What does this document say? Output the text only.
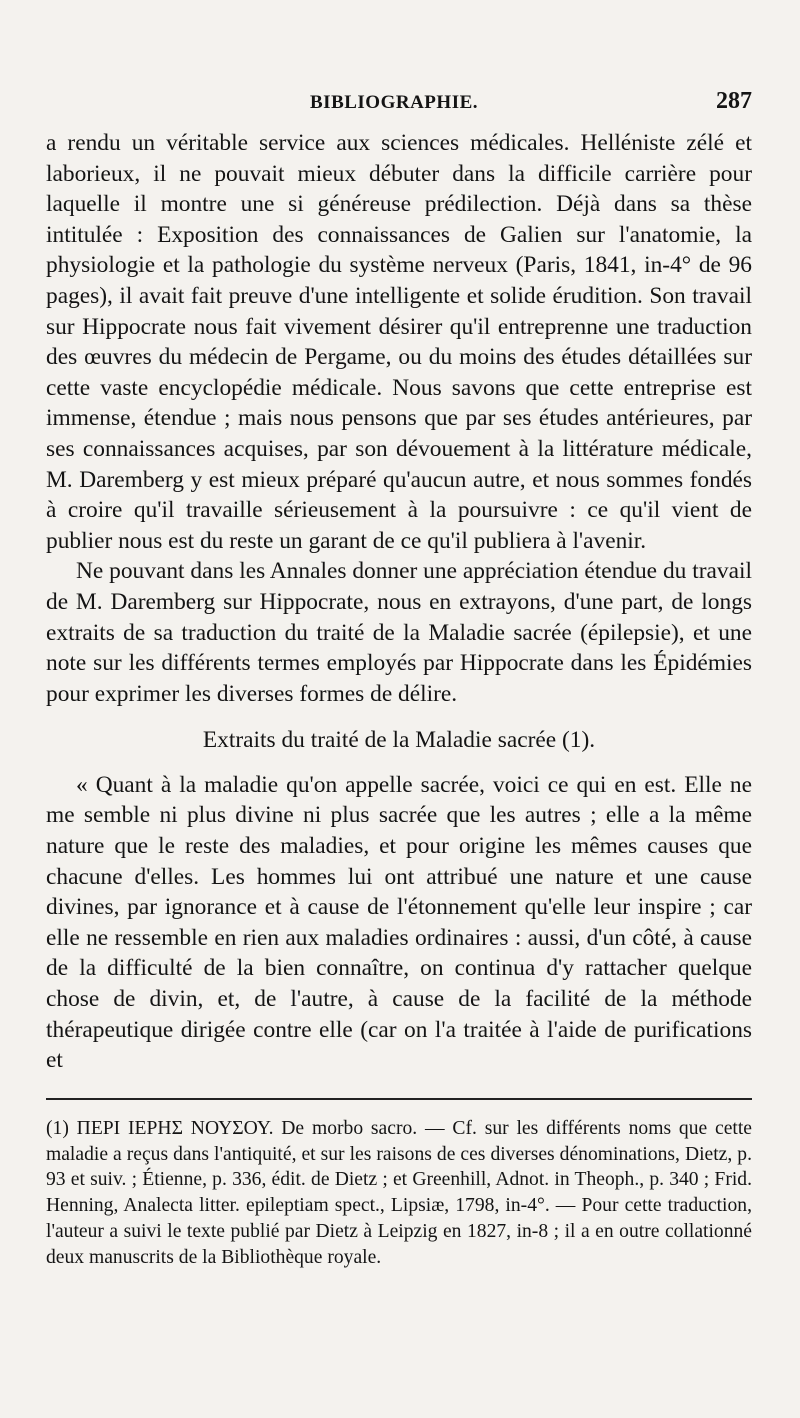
BIBLIOGRAPHIE.	287

a rendu un véritable service aux sciences médicales. Helléniste zélé et laborieux, il ne pouvait mieux débuter dans la difficile carrière pour laquelle il montre une si généreuse prédilection. Déjà dans sa thèse intitulée : Exposition des connaissances de Galien sur l'anatomie, la physiologie et la pathologie du système nerveux (Paris, 1841, in-4° de 96 pages), il avait fait preuve d'une intelligente et solide érudition. Son travail sur Hippocrate nous fait vivement désirer qu'il entreprenne une traduction des œuvres du médecin de Pergame, ou du moins des études détaillées sur cette vaste encyclopédie médicale. Nous savons que cette entreprise est immense, étendue ; mais nous pensons que par ses études antérieures, par ses connaissances acquises, par son dévouement à la littérature médicale, M. Daremberg y est mieux préparé qu'aucun autre, et nous sommes fondés à croire qu'il travaille sérieusement à la poursuivre : ce qu'il vient de publier nous est du reste un garant de ce qu'il publiera à l'avenir.

Ne pouvant dans les Annales donner une appréciation étendue du travail de M. Daremberg sur Hippocrate, nous en extrayons, d'une part, de longs extraits de sa traduction du traité de la Maladie sacrée (épilepsie), et une note sur les différents termes employés par Hippocrate dans les Épidémies pour exprimer les diverses formes de délire.

Extraits du traité de la Maladie sacrée (1).

« Quant à la maladie qu'on appelle sacrée, voici ce qui en est. Elle ne me semble ni plus divine ni plus sacrée que les autres ; elle a la même nature que le reste des maladies, et pour origine les mêmes causes que chacune d'elles. Les hommes lui ont attribué une nature et une cause divines, par ignorance et à cause de l'étonnement qu'elle leur inspire ; car elle ne ressemble en rien aux maladies ordinaires : aussi, d'un côté, à cause de la difficulté de la bien connaître, on continua d'y rattacher quelque chose de divin, et, de l'autre, à cause de la facilité de la méthode thérapeutique dirigée contre elle (car on l'a traitée à l'aide de purifications et

(1) ΠΕΡΙ ΙΕΡΗΣ ΝΟΥΣΟΥ. De morbo sacro. — Cf. sur les différents noms que cette maladie a reçus dans l'antiquité, et sur les raisons de ces diverses dénominations, Dietz, p. 93 et suiv. ; Étienne, p. 336, édit. de Dietz ; et Greenhill, Adnot. in Theoph., p. 340 ; Frid. Henning, Analecta litter. epileptiam spect., Lipsiæ, 1798, in-4°. — Pour cette traduction, l'auteur a suivi le texte publié par Dietz à Leipzig en 1827, in-8 ; il a en outre collationné deux manuscrits de la Bibliothèque royale.
